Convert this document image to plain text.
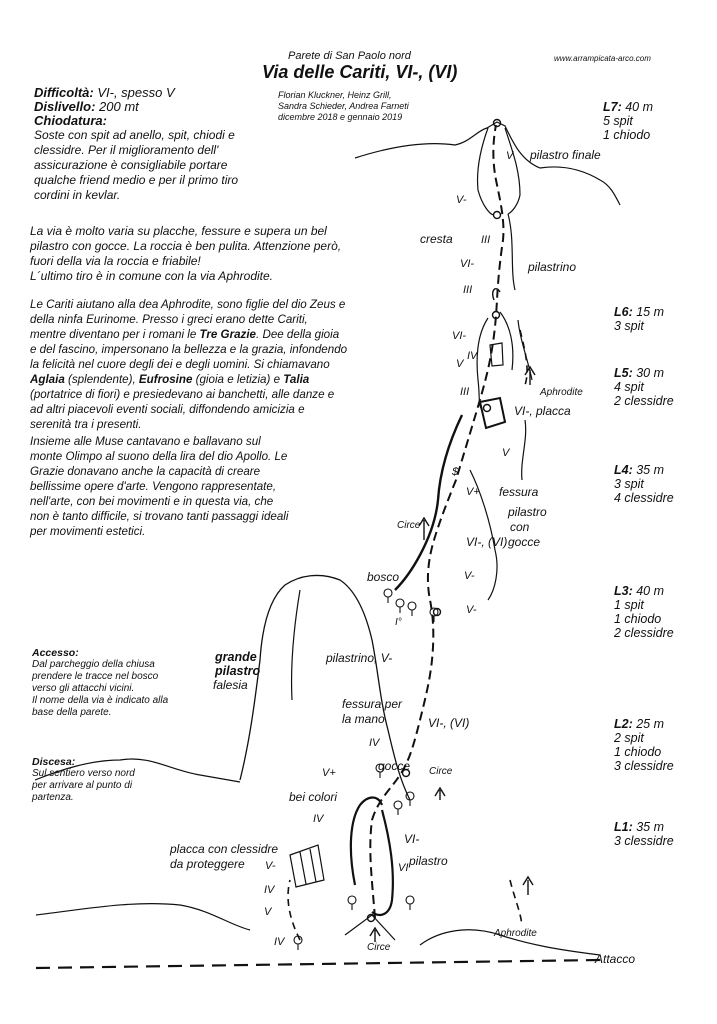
Parete di San Paolo nord	www.arrampicata-arco.com
Via delle Cariti, VI-, (VI)
Difficoltà: VI-, spesso V
Dislivello: 200 mt
Chiodatura:
Soste con spit ad anello, spit, chiodi e
clessidre. Per il miglioramento dell'
assicurazione è consigliabile portare
qualche friend medio e per il primo tiro
cordini in kevlar.
Florian Kluckner, Heinz Grill,
Sandra Schieder, Andrea Farneti
dicembre 2018 e gennaio 2019
La via è molto varia su placche, fessure e supera un bel
pilastro con gocce. La roccia è ben pulita. Attenzione però,
fuori della via la roccia e friabile!
L´ultimo tiro è in comune con la via Aphrodite.
Le Cariti aiutano alla dea Aphrodite, sono figlie del dio Zeus e
della ninfa Eurinome. Presso i greci erano dette Cariti,
mentre diventano per i romani le Tre Grazie. Dee della gioia
e del fascino, impersonano la bellezza e la grazia, infondendo
la felicità nel cuore degli dei e degli uomini. Si chiamavano
Aglaia (splendente), Eufrosine (gioia e letizia) e Talia
(portatrice di fiori) e presiedevano ai banchetti, alle danze e
ad altri piacevoli eventi sociali, diffondendo amicizia e
serenità tra i presenti.
Insieme alle Muse cantavano e ballavano sul
monte Olimpo al suono della lira del dio Apollo. Le
Grazie donavano anche la capacità di creare
bellissime opere d'arte. Vengono rappresentate,
nell'arte, con bei movimenti e in questa via, che
non è tanto difficile, si trovano tanti passaggi ideali
per movimenti estetici.
Accesso:
Dal parcheggio della chiusa
prendere le tracce nel bosco
verso gli attacchi vicini.
Il nome della via è indicato alla
base della parete.
Discesa:
Sul sentiero verso nord
per arrivare al punto di
partenza.
L7: 40 m
5 spit
1 chiodo
L6: 15 m
3 spit
L5: 30 m
4 spit
2 clessidre
L4: 35 m
3 spit
4 clessidre
L3: 40 m
1 spit
1 chiodo
2 clessidre
L2: 25 m
2 spit
1 chiodo
3 clessidre
L1: 35 m
3 clessidre
pilastro finale
cresta
pilastrino
Aphrodite
VI-, placca
fessura
pilastro
con
gocce
VI-, (VI)
Circe
bosco
I°
grande
pilastro
falesia
pilastrino, V-
fessura per
la mano	VI-, (VI)
gocce Circe
bei colori
placca con clessidre
da proteggere
VI-
pilastro
Circe
Aphrodite
Attacco
V
V-
III
VI-
III
VI-
V
III
V
$
V+
V-
V-
IV
V+
IV
IV
V-	VI
IV
V
IV
